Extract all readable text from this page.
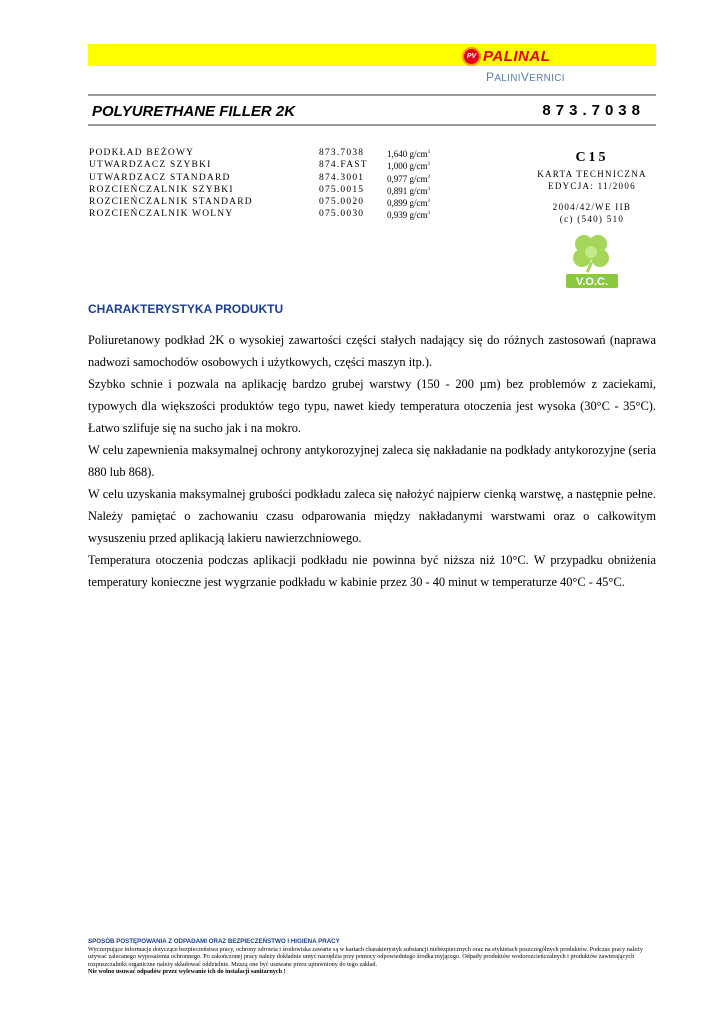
PV PALINAL
PALINIVERNICI
POLYURETHANE FILLER 2K	873.7038
PODKŁAD BEŻOWY	873.7038	1,640 $g/cm^3$
UTWARDZACZ SZYBKI	874.FAST	1,000 $g/cm^3$
UTWARDZACZ STANDARD	874.3001	0,977 $g/cm^3$
ROZCIEŃCZALNIK SZYBKI	075.0015	0,891 $g/cm^3$
ROZCIEŃCZALNIK STANDARD	075.0020	0,899 $g/cm^3$
ROZCIEŃCZALNIK WOLNY	075.0030	0,939 $g/cm^3$
C15
KARTA TECHNICZNA
EDYCJA: 11/2006
2004/42/WE IIB
(c) (540) 510
V.O.C.
CHARAKTERYSTYKA PRODUKTU

Poliuretanowy podkład 2K o wysokiej zawartości części stałych nadający się do różnych zastosowań (naprawa nadwozi samochodów osobowych i użytkowych, części maszyn itp.).

Szybko schnie i pozwala na aplikację bardzo grubej warstwy (150 - 200 µm) bez problemów z zaciekami, typowych dla większości produktów tego typu, nawet kiedy temperatura otoczenia jest wysoka (30°C - 35°C). Łatwo szlifuje się na sucho jak i na mokro.

W celu zapewnienia maksymalnej ochrony antykorozyjnej zaleca się nakładanie na podkłady antykorozyjne (seria 880 lub 868).

W celu uzyskania maksymalnej grubości podkładu zaleca się nałożyć najpierw cienką warstwę, a następnie pełne. Należy pamiętać o zachowaniu czasu odparowania między nakładanymi warstwami oraz o całkowitym wysuszeniu przed aplikacją lakieru nawierzchniowego.

Temperatura otoczenia podczas aplikacji podkładu nie powinna być niższa niż 10°C. W przypadku obniżenia temperatury konieczne jest wygrzanie podkładu w kabinie przez 30 - 40 minut w temperaturze 40°C - 45°C.

SPOSÓB POSTĘPOWANIA Z ODPADAMI ORAZ BEZPIECZEŃSTWO I HIGIENA PRACY
Wyczerpujące informacje dotyczące bezpieczeństwa pracy, ochrony zdrowia i środowiska zawarte są w kartach charakterystyk substancji niebezpiecznych oraz na etykietach poszczególnych produktów. Podczas pracy należy używać zalecanego wyposażenia ochronnego. Po zakończonej pracy należy dokładnie umyć narzędzia przy pomocy odpowiedniego środka myjącego. Odpady produktów wodorozcieńczalnych i produktów zawierających rozpuszczalniki organiczne należy składować oddzielnie. Muszą one być usuwane przez uprawniony do tego zakład.
Nie wolno usuwać odpadów przez wylewanie ich do instalacji sanitarnych !
